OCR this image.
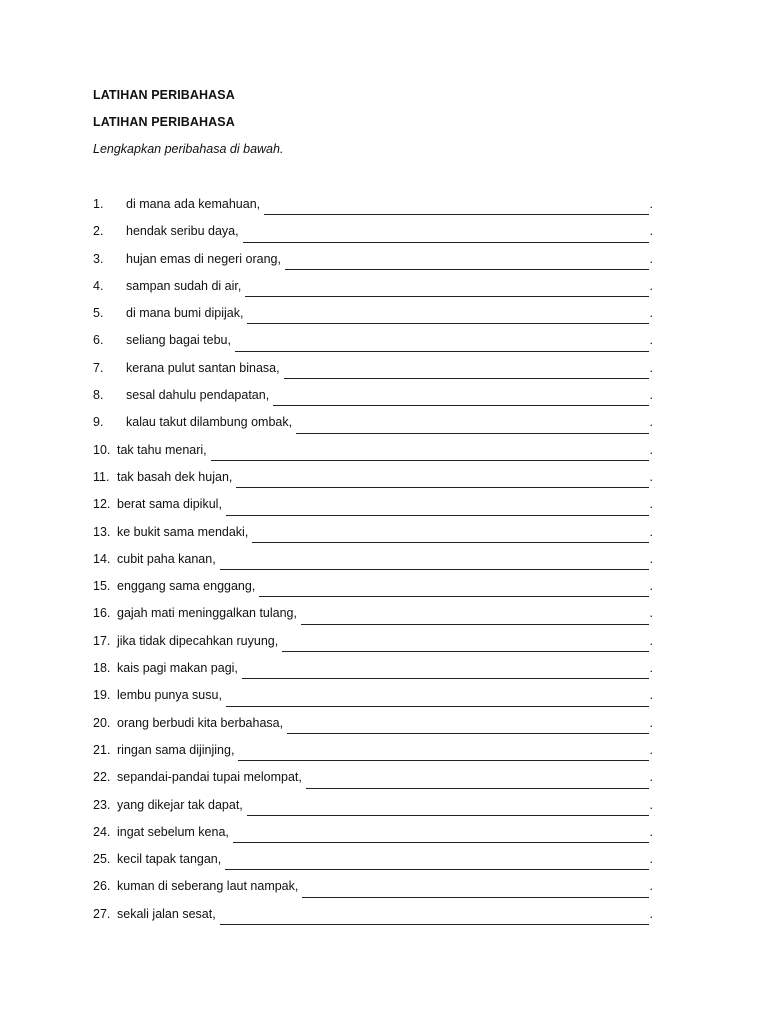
LATIHAN PERIBAHASA

LATIHAN PERIBAHASA

Lengkapkan peribahasa di bawah.

1.	di mana ada kemahuan,	.
2.	hendak seribu daya,	.
3.	hujan emas di negeri orang,	.
4.	sampan sudah di air,	.
5.	di mana bumi dipijak,	.
6.	seliang bagai tebu,	.
7.	kerana pulut santan binasa,	.
8.	sesal dahulu pendapatan,	.
9.	kalau takut dilambung ombak,	.
10. tak tahu menari,	.
11. tak basah dek hujan,	.
12. berat sama dipikul,	.
13. ke bukit sama mendaki,	.
14. cubit paha kanan,	.
15. enggang sama enggang,	.
16. gajah mati meninggalkan tulang,	.
17. jika tidak dipecahkan ruyung,	.
18. kais pagi makan pagi,	.
19. lembu punya susu,	.
20. orang berbudi kita berbahasa,	.
21. ringan sama dijinjing,	.
22. sepandai-pandai tupai melompat,	.
23. yang dikejar tak dapat,	.
24. ingat sebelum kena,	.
25. kecil tapak tangan,	.
26. kuman di seberang laut nampak,	.
27. sekali jalan sesat,	.
